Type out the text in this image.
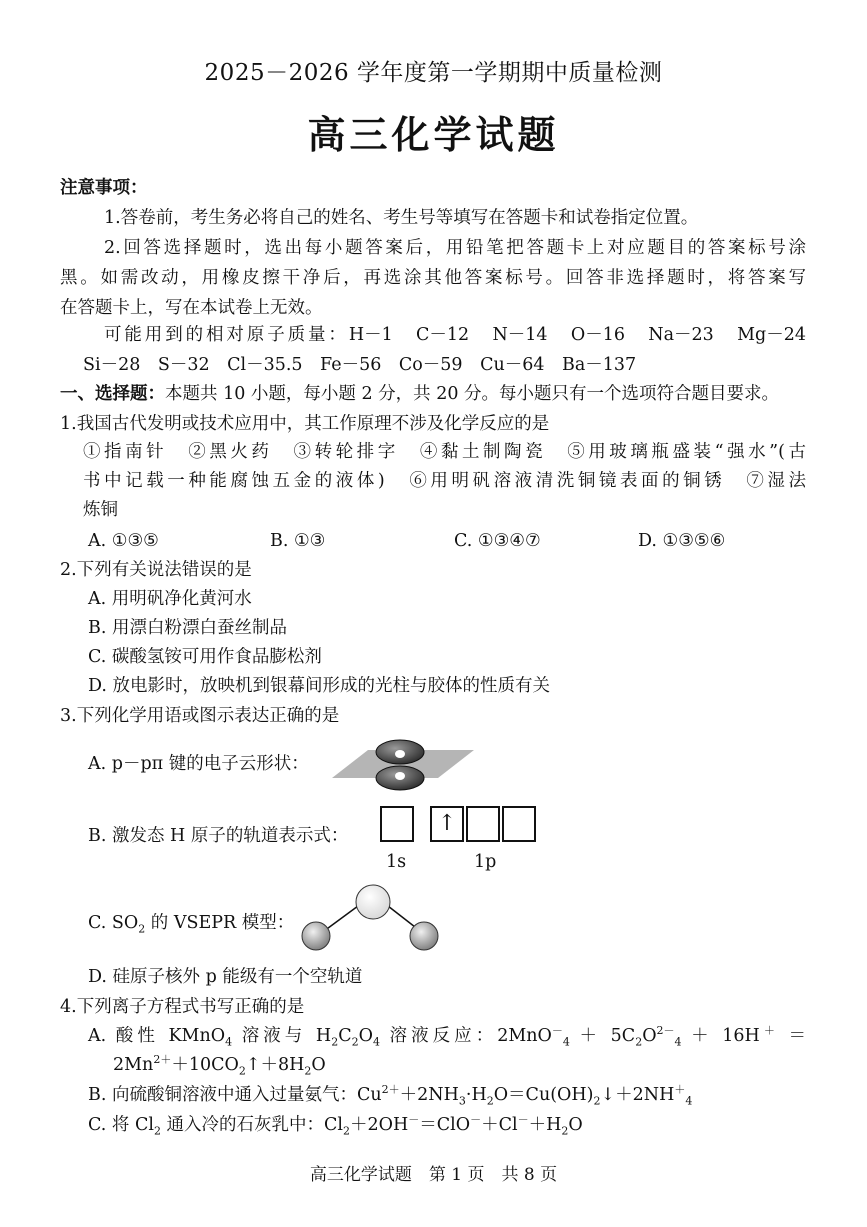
2025－2026 学年度第一学期期中质量检测
高三化学试题
注意事项：
1.答卷前，考生务必将自己的姓名、考生号等填写在答题卡和试卷指定位置。
2.回答选择题时，选出每小题答案后，用铅笔把答题卡上对应题目的答案标号涂
黑。如需改动，用橡皮擦干净后，再选涂其他答案标号。回答非选择题时，将答案写
在答题卡上，写在本试卷上无效。
可能用到的相对原子质量：H－1　C－12　N－14　O－16　Na－23　Mg－24
Si－28　S－32　Cl－35.5　Fe－56　Co－59　Cu－64　Ba－137
一、选择题：本题共 10 小题，每小题 2 分，共 20 分。每小题只有一个选项符合题目要求。
1.我国古代发明或技术应用中，其工作原理不涉及化学反应的是
①指南针　②黑火药　③转轮排字　④黏土制陶瓷　⑤用玻璃瓶盛装“强水”(古
书中记载一种能腐蚀五金的液体)　⑥用明矾溶液清洗铜镜表面的铜锈　⑦湿法
炼铜
A. ①③⑤	B. ①③	C. ①③④⑦	D. ①③⑤⑥
2.下列有关说法错误的是
A. 用明矾净化黄河水
B. 用漂白粉漂白蚕丝制品
C. 碳酸氢铵可用作食品膨松剂
D. 放电影时，放映机到银幕间形成的光柱与胶体的性质有关
3.下列化学用语或图示表达正确的是
A. p－pπ 键的电子云形状：
B. 激发态 H 原子的轨道表示式：	↑
1s	1p
C. $SO_2$ 的 VSEPR 模型：
D. 硅原子核外 p 能级有一个空轨道
4.下列离子方程式书写正确的是
A. 酸性 KMnO$_4$ 溶液与 $H_2C_2O_4$ 溶液反应：$2MnO^-_4 + 5C_2O^{2-}_4 + 16H^+$ ＝
$2Mn^{2+}+10CO_2↑+8H_2O$
B. 向硫酸铜溶液中通入过量氨气：$Cu^{2+}+2NH_3\cdot H_2O=Cu(OH)_2↓+2NH^+_4$
C. 将 $Cl_2$ 通入冷的石灰乳中：$Cl_2+2OH^-=ClO^-+Cl^-+H_2O$
高三化学试题　第 1 页　共 8 页
